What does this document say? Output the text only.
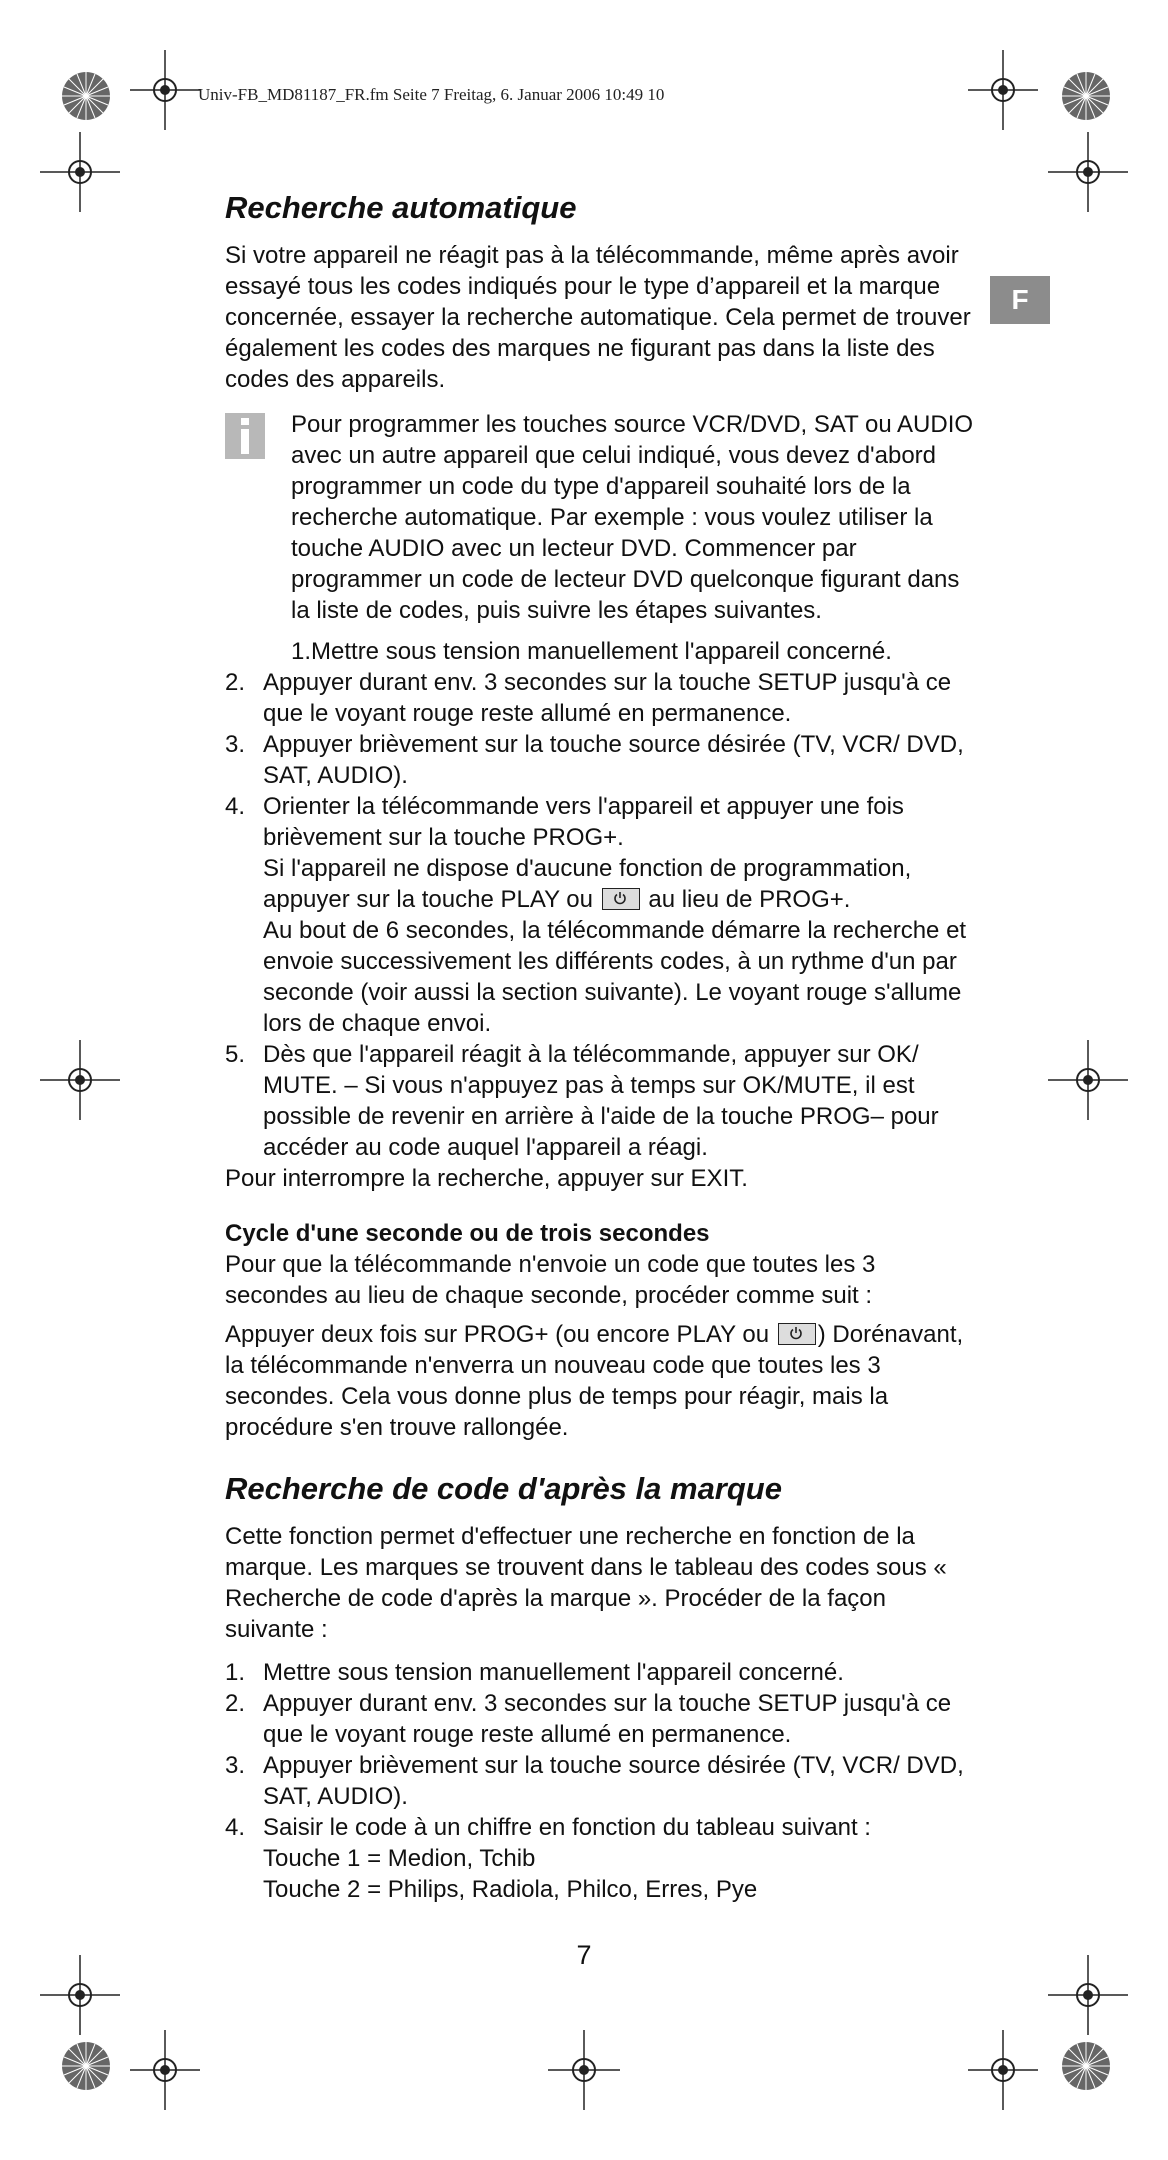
Univ-FB_MD81187_FR.fm Seite 7 Freitag, 6. Januar 2006 10:49 10
F
Recherche automatique

Si votre appareil ne réagit pas à la télécommande, même après avoir essayé tous les codes indiqués pour le type d’appareil et la marque concernée, essayer la recherche automatique. Cela permet de trouver également les codes des marques ne figurant pas dans la liste des codes des appareils.

Pour programmer les touches source VCR/DVD, SAT ou AUDIO avec un autre appareil que celui indiqué, vous devez d'abord programmer un code du type d'appareil souhaité lors de la recherche automatique. Par exemple : vous voulez utiliser la touche AUDIO avec un lecteur DVD. Commencer par programmer un code de lecteur DVD quelconque figurant dans la liste de codes, puis suivre les étapes suivantes.

1.Mettre sous tension manuellement l'appareil concerné.

2. Appuyer durant env. 3 secondes sur la touche SETUP jusqu'à ce que le voyant rouge reste allumé en permanence.
3. Appuyer brièvement sur la touche source désirée (TV, VCR/ DVD, SAT, AUDIO).
4. Orienter la télécommande vers l'appareil et appuyer une fois brièvement sur la touche PROG+.
Si l'appareil ne dispose d'aucune fonction de programmation,
appuyer sur la touche PLAY ou
au lieu de PROG+.
Au bout de 6 secondes, la télécommande démarre la recherche et envoie successivement les différents codes, à un rythme d'un par seconde (voir aussi la section suivante). Le voyant rouge s'allume lors de chaque envoi.
5. Dès que l'appareil réagit à la télécommande, appuyer sur OK/ MUTE. – Si vous n'appuyez pas à temps sur OK/MUTE, il est possible de revenir en arrière à l'aide de la touche PROG– pour accéder au code auquel l'appareil a réagi.

Pour interrompre la recherche, appuyer sur EXIT.

Cycle d'une seconde ou de trois secondes

Pour que la télécommande n'envoie un code que toutes les 3 secondes au lieu de chaque seconde, procéder comme suit :

Appuyer deux fois sur PROG+ (ou encore PLAY ou
) Dorénavant, la télécommande n'enverra un nouveau code que toutes les 3 secondes. Cela vous donne plus de temps pour réagir, mais la procédure s'en trouve rallongée.

Recherche de code d'après la marque

Cette fonction permet d'effectuer une recherche en fonction de la marque. Les marques se trouvent dans le tableau des codes sous « Recherche de code d'après la marque ». Procéder de la façon suivante :

1. Mettre sous tension manuellement l'appareil concerné.
2. Appuyer durant env. 3 secondes sur la touche SETUP jusqu'à ce que le voyant rouge reste allumé en permanence.
3. Appuyer brièvement sur la touche source désirée (TV, VCR/ DVD, SAT, AUDIO).
4. Saisir le code à un chiffre en fonction du tableau suivant :
Touche 1 = Medion, Tchib
Touche 2 = Philips, Radiola, Philco, Erres, Pye
7
